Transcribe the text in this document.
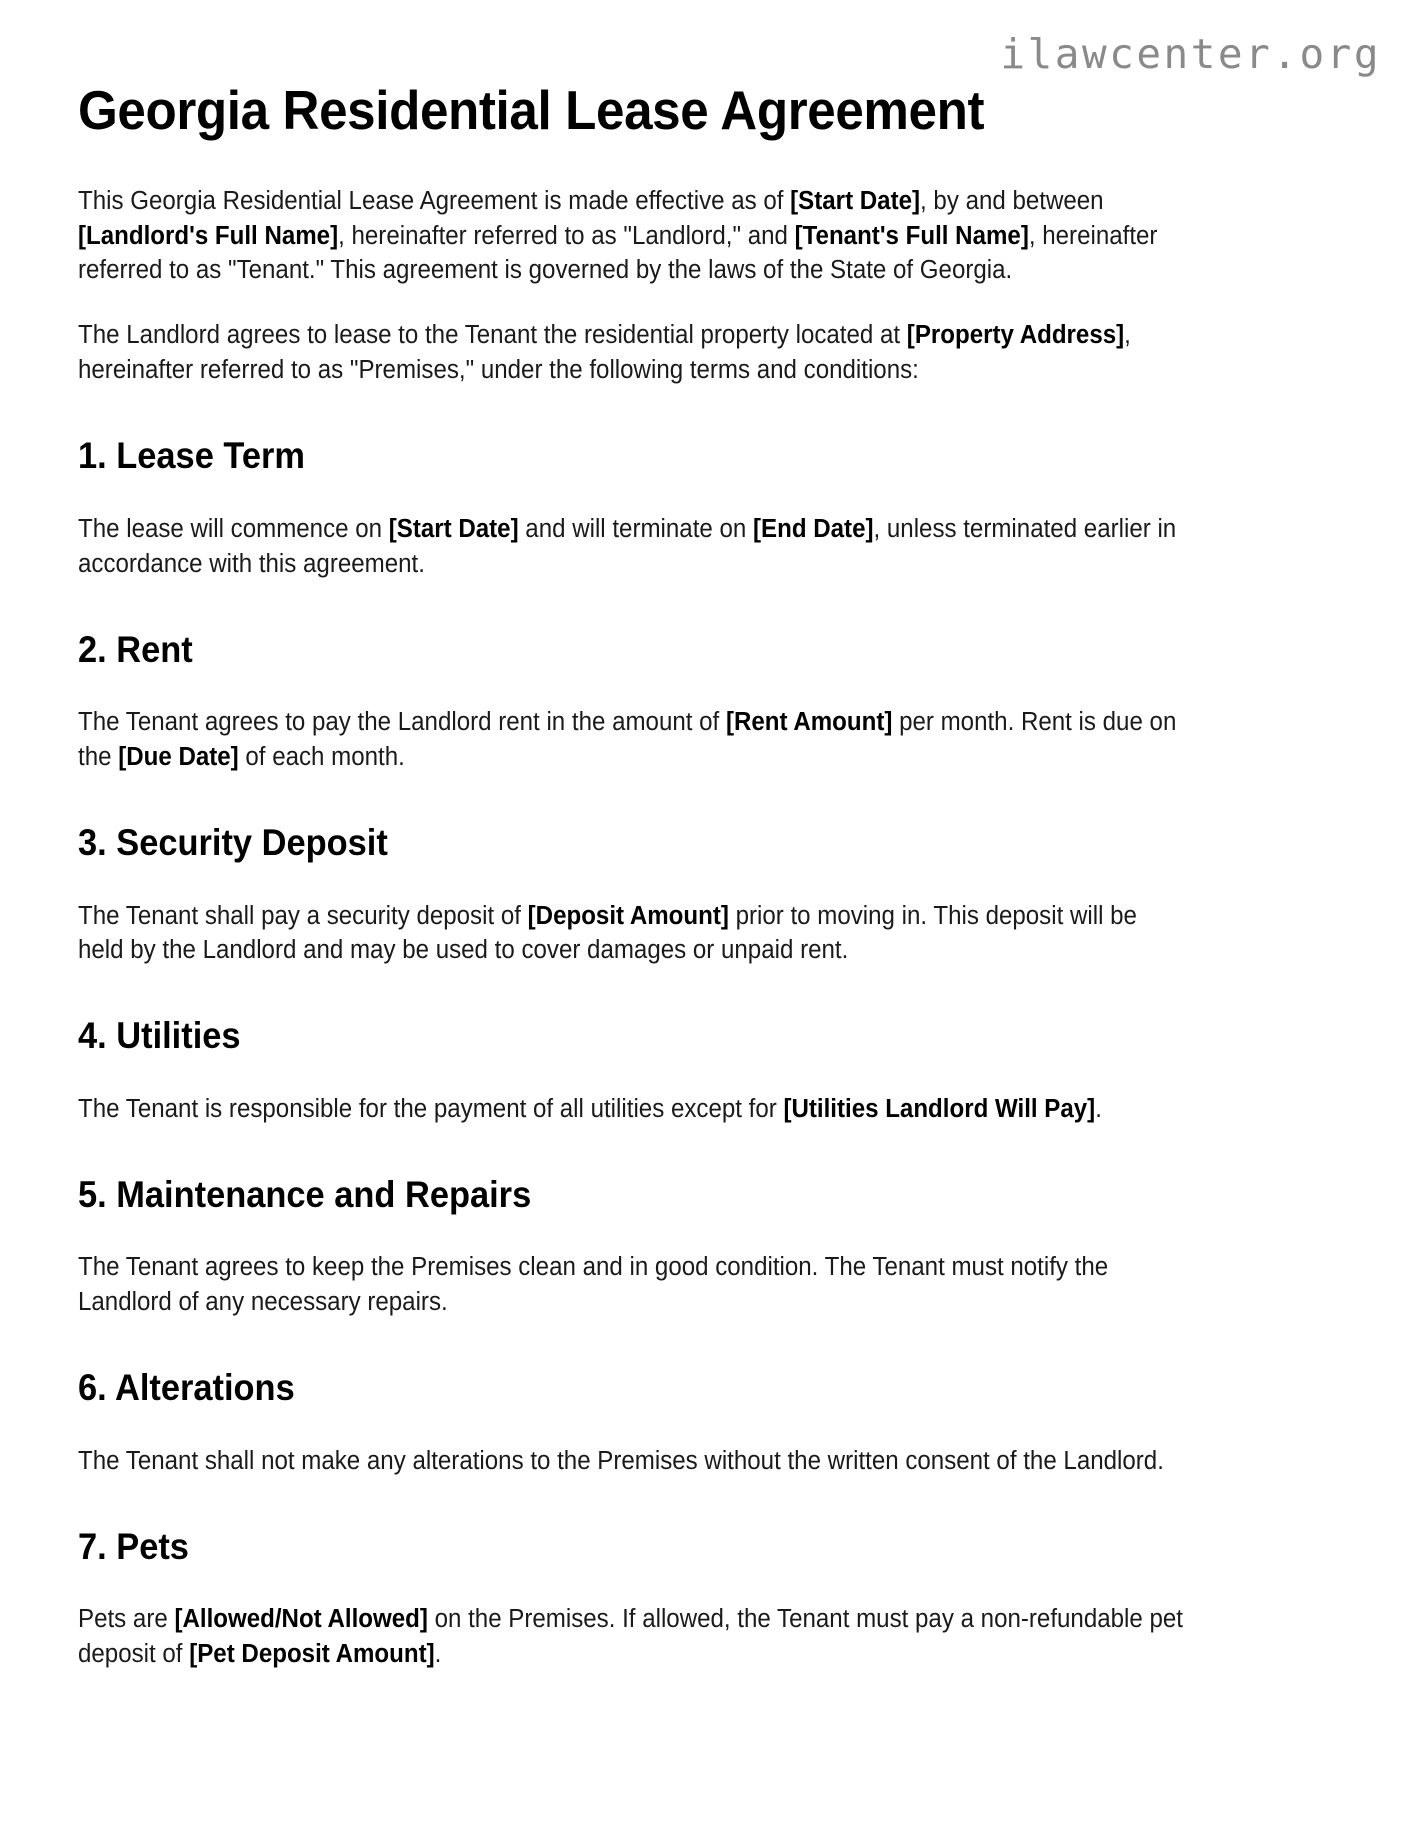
ilawcenter.org
Georgia Residential Lease Agreement

This Georgia Residential Lease Agreement is made effective as of [Start Date], by and between [Landlord's Full Name], hereinafter referred to as "Landlord," and [Tenant's Full Name], hereinafter referred to as "Tenant." This agreement is governed by the laws of the State of Georgia.

The Landlord agrees to lease to the Tenant the residential property located at [Property Address], hereinafter referred to as "Premises," under the following terms and conditions:

1. Lease Term

The lease will commence on [Start Date] and will terminate on [End Date], unless terminated earlier in accordance with this agreement.

2. Rent

The Tenant agrees to pay the Landlord rent in the amount of [Rent Amount] per month. Rent is due on the [Due Date] of each month.

3. Security Deposit

The Tenant shall pay a security deposit of [Deposit Amount] prior to moving in. This deposit will be held by the Landlord and may be used to cover damages or unpaid rent.

4. Utilities

The Tenant is responsible for the payment of all utilities except for [Utilities Landlord Will Pay].

5. Maintenance and Repairs

The Tenant agrees to keep the Premises clean and in good condition. The Tenant must notify the Landlord of any necessary repairs.

6. Alterations

The Tenant shall not make any alterations to the Premises without the written consent of the Landlord.

7. Pets

Pets are [Allowed/Not Allowed] on the Premises. If allowed, the Tenant must pay a non-refundable pet deposit of [Pet Deposit Amount].
